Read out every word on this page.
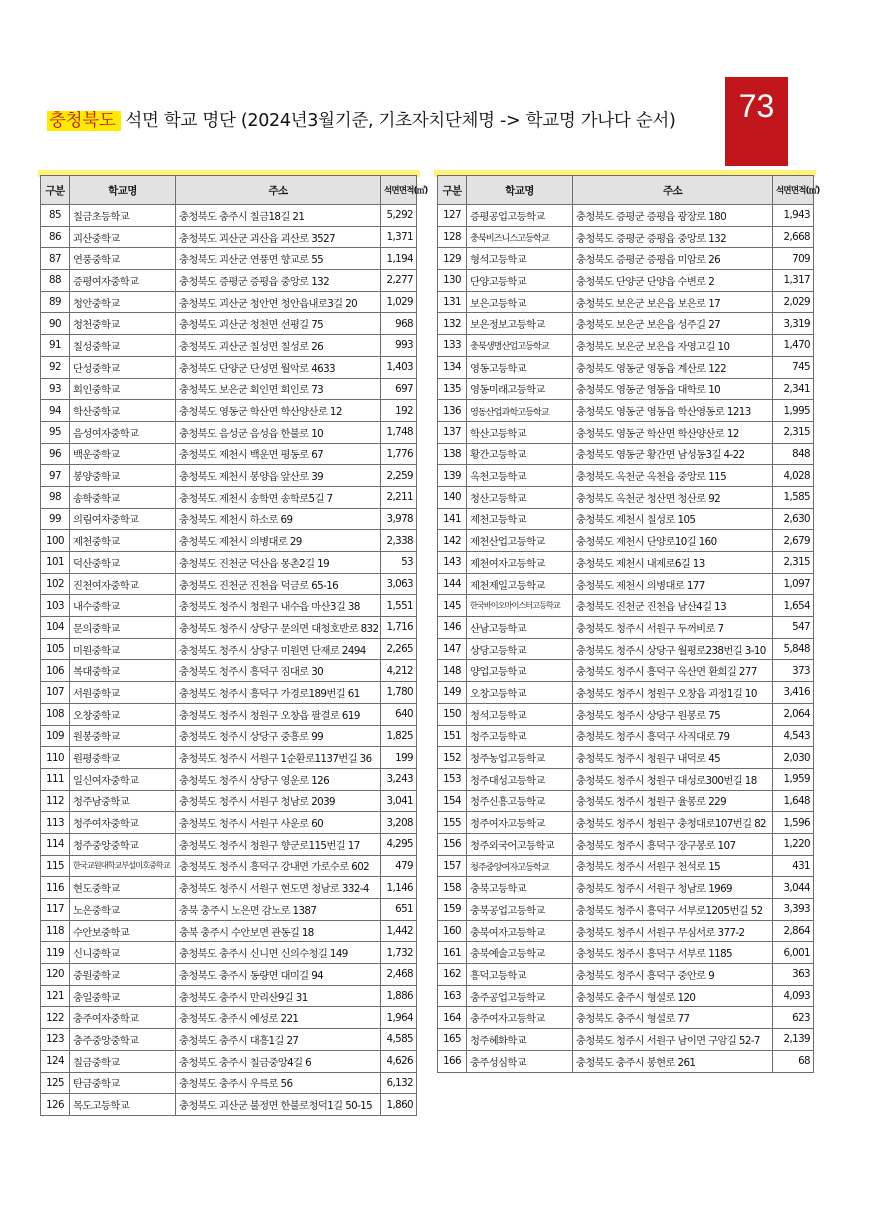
73
충청북도 석면 학교 명단 (2024년3월기준, 기초자치단체명 -> 학교명 가나다 순서)
구분	학교명	주소	석면면적(㎡)
85	칠금초등학교	충청북도 충주시 칠금18길 21	5,292
86	괴산중학교	충청북도 괴산군 괴산읍 괴산로 3527	1,371
87	연풍중학교	충청북도 괴산군 연풍면 향교로 55	1,194
88	증평여자중학교	충청북도 증평군 증평읍 중앙로 132	2,277
89	청안중학교	충청북도 괴산군 청안면 청안읍내로3길 20	1,029
90	청천중학교	충청북도 괴산군 청천면 선평길 75	968
91	칠성중학교	충청북도 괴산군 칠성면 칠성로 26	993
92	단성중학교	충청북도 단양군 단성면 월악로 4633	1,403
93	회인중학교	충청북도 보은군 회인면 회인로 73	697
94	학산중학교	충청북도 영동군 학산면 학산양산로 12	192
95	음성여자중학교	충청북도 음성군 음성읍 한불로 10	1,748
96	백운중학교	충청북도 제천시 백운면 평동로 67	1,776
97	봉양중학교	충청북도 제천시 봉양읍 앞산로 39	2,259
98	송학중학교	충청북도 제천시 송학면 송학로5길 7	2,211
99	의림여자중학교	충청북도 제천시 하소로 69	3,978
100	제천중학교	충청북도 제천시 의병대로 29	2,338
101	덕산중학교	충청북도 진천군 덕산읍 몽촌2길 19	53
102	진천여자중학교	충청북도 진천군 진천읍 덕금로 65-16	3,063
103	내수중학교	충청북도 청주시 청원구 내수읍 마산3길 38	1,551
104	문의중학교	충청북도 청주시 상당구 문의면 대청호반로 832	1,716
105	미원중학교	충청북도 청주시 상당구 미원면 단재로 2494	2,265
106	복대중학교	충청북도 청주시 흥덕구 짐대로 30	4,212
107	서원중학교	충청북도 청주시 흥덕구 가경로189번길 61	1,780
108	오창중학교	충청북도 청주시 청원구 오창읍 팔결로 619	640
109	원봉중학교	충청북도 청주시 상당구 중흥로 99	1,825
110	원평중학교	충청북도 청주시 서원구 1순환로1137번길 36	199
111	일신여자중학교	충청북도 청주시 상당구 영운로 126	3,243
112	청주남중학교	충청북도 청주시 서원구 청남로 2039	3,041
113	청주여자중학교	충청북도 청주시 서원구 사운로 60	3,208
114	청주중앙중학교	충청북도 청주시 청원구 향군로115번길 17	4,295
115	한국교원대학교부설미호중학교	충청북도 청주시 흥덕구 강내면 가로수로 602	479
116	현도중학교	충청북도 청주시 서원구 현도면 청남로 332-4	1,146
117	노은중학교	충북 충주시 노은면 감노로 1387	651
118	수안보중학교	충북 충주시 수안보면 관동길 18	1,442
119	신니중학교	충청북도 충주시 신니면 신의수청길 149	1,732
120	중원중학교	충청북도 충주시 동량면 대미길 94	2,468
121	충일중학교	충청북도 충주시 만리산9길 31	1,886
122	충주여자중학교	충청북도 충주시 예성로 221	1,964
123	충주중앙중학교	충청북도 충주시 대흥1길 27	4,585
124	칠금중학교	충청북도 충주시 칠금중앙4길 6	4,626
125	탄금중학교	충청북도 충주시 우륵로 56	6,132
126	목도고등학교	충청북도 괴산군 불정면 한불로청덕1길 50-15	1,860
구분	학교명	주소	석면면적(㎡)
127	증평공업고등학교	충청북도 증평군 증평읍 광장로 180	1,943
128	충북비즈니스고등학교	충청북도 증평군 증평읍 중앙로 132	2,668
129	형석고등학교	충청북도 증평군 증평읍 미암로 26	709
130	단양고등학교	충청북도 단양군 단양읍 수변로 2	1,317
131	보은고등학교	충청북도 보은군 보은읍 보은로 17	2,029
132	보은정보고등학교	충청북도 보은군 보은읍 성주길 27	3,319
133	충북생명산업고등학교	충청북도 보은군 보은읍 자영고길 10	1,470
134	영동고등학교	충청북도 영동군 영동읍 계산로 122	745
135	영동미래고등학교	충청북도 영동군 영동읍 대학로 10	2,341
136	영동산업과학고등학교	충청북도 영동군 영동읍 학산영동로 1213	1,995
137	학산고등학교	충청북도 영동군 학산면 학산양산로 12	2,315
138	황간고등학교	충청북도 영동군 황간면 남성동3길 4-22	848
139	옥천고등학교	충청북도 옥천군 옥천읍 중앙로 115	4,028
140	청산고등학교	충청북도 옥천군 청산면 청산로 92	1,585
141	제천고등학교	충청북도 제천시 칠성로 105	2,630
142	제천산업고등학교	충청북도 제천시 단양로10길 160	2,679
143	제천여자고등학교	충청북도 제천시 내제로6길 13	2,315
144	제천제일고등학교	충청북도 제천시 의병대로 177	1,097
145	한국바이오마이스터고등학교	충청북도 진천군 진천읍 남산4길 13	1,654
146	산남고등학교	충청북도 청주시 서원구 두꺼비로 7	547
147	상당고등학교	충청북도 청주시 상당구 월평로238번길 3-10	5,848
148	양업고등학교	충청북도 청주시 흥덕구 옥산면 환희길 277	373
149	오창고등학교	충청북도 청주시 청원구 오창읍 괴정1길 10	3,416
150	청석고등학교	충청북도 청주시 상당구 원봉로 75	2,064
151	청주고등학교	충청북도 청주시 흥덕구 사직대로 79	4,543
152	청주농업고등학교	충청북도 청주시 청원구 내덕로 45	2,030
153	청주대성고등학교	충청북도 청주시 청원구 대성로300번길 18	1,959
154	청주신흥고등학교	충청북도 청주시 청원구 율봉로 229	1,648
155	청주여자고등학교	충청북도 청주시 청원구 충청대로107번길 82	1,596
156	청주외국어고등학교	충청북도 청주시 흥덕구 장구봉로 107	1,220
157	청주중앙여자고등학교	충청북도 청주시 서원구 천석로 15	431
158	충북고등학교	충청북도 청주시 서원구 청남로 1969	3,044
159	충북공업고등학교	충청북도 청주시 흥덕구 서부로1205번길 52	3,393
160	충북여자고등학교	충청북도 청주시 서원구 무심서로 377-2	2,864
161	충북예술고등학교	충청북도 청주시 흥덕구 서부로 1185	6,001
162	흥덕고등학교	충청북도 청주시 흥덕구 중안로 9	363
163	충주공업고등학교	충청북도 충주시 형설로 120	4,093
164	충주여자고등학교	충청북도 충주시 형설로 77	623
165	청주혜화학교	충청북도 청주시 서원구 남이면 구암길 52-7	2,139
166	충주성심학교	충청북도 충주시 봉현로 261	68
